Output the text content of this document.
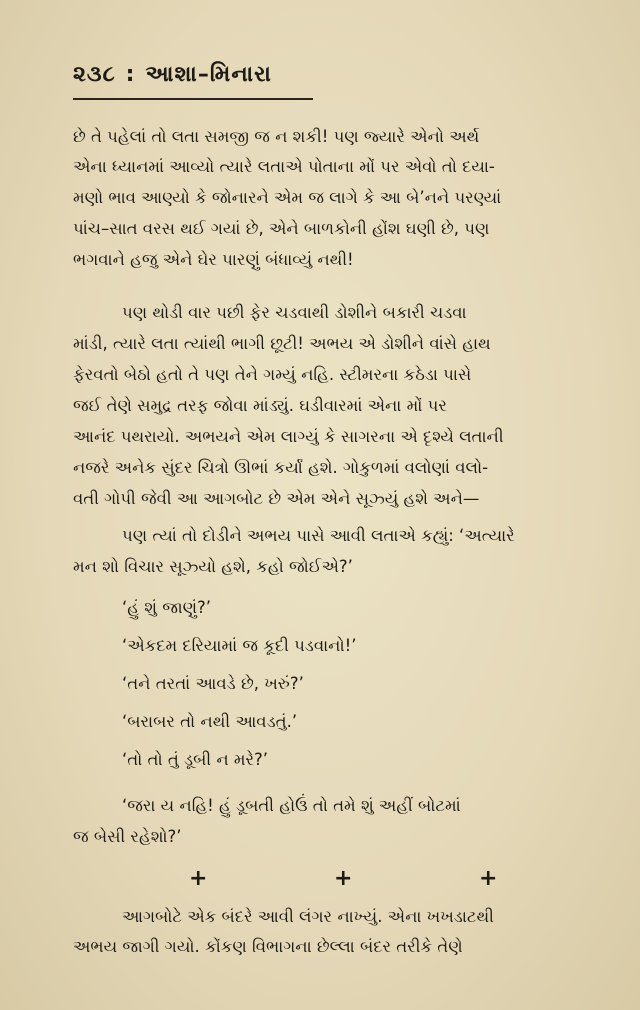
૨૩૮ : આશા–મિનારા
છે તે પહેલાં તો લતા સમજી જ ન શકી! પણ જ્યારે એનો અર્થ
એના ધ્યાનમાં આવ્યો ત્યારે લતાએ પોતાના મોં પર એવો તો દયા-
મણો ભાવ આણ્યો કે જોનારને એમ જ લાગે કે આ બે’નને પરણ્યાં
પાંચ–સાત વરસ થઈ ગયાં છે, એને બાળકોની હોંશ ઘણી છે, પણ
ભગવાને હજુ એને ઘેર પારણું બંધાવ્યું નથી!
પણ થોડી વાર પછી ફેર ચડવાથી ડોશીને બકારી ચડવા
માંડી, ત્યારે લતા ત્યાંથી ભાગી છૂટી! અભય એ ડોશીને વાંસે હાથ
ફેરવતો બેઠો હતો તે પણ તેને ગમ્યું નહિ. સ્ટીમરના કઠેડા પાસે
જઈ તેણે સમુદ્ર તરફ જોવા માંડ્યું. ઘડીવારમાં એના મોં પર
આનંદ પથરાયો. અભયને એમ લાગ્યું કે સાગરના એ દૃશ્યે લતાની
નજરે અનેક સુંદર ચિત્રો ઊભાં કર્યાં હશે. ગોકુળમાં વલોણાં વલો-
વતી ગોપી જેવી આ આગબોટ છે એમ એને સૂઝ્યું હશે અને—
પણ ત્યાં તો દોડીને અભય પાસે આવી લતાએ કહ્યું: ‘અત્યારે
મન શો વિચાર સૂઝ્યો હશે, કહો જોઈએ?’
‘હું શું જાણું?’
‘એકદમ દરિયામાં જ કૂદી પડવાનો!’
‘તને તરતાં આવડે છે, ખરું?’
‘બરાબર તો નથી આવડતું.’
‘તો તો તું ડૂબી ન મરે?’
‘જરા ય નહિ! હું ડૂબતી હોઉં તો તમે શું અહીં બોટમાં
જ બેસી રહેશો?’
+	+	+
આગબોટે એક બંદરે આવી લંગર નાખ્યું. એના ખખડાટથી
અભય જાગી ગયો. કોંકણ વિભાગના છેલ્લા બંદર તરીકે તેણે
